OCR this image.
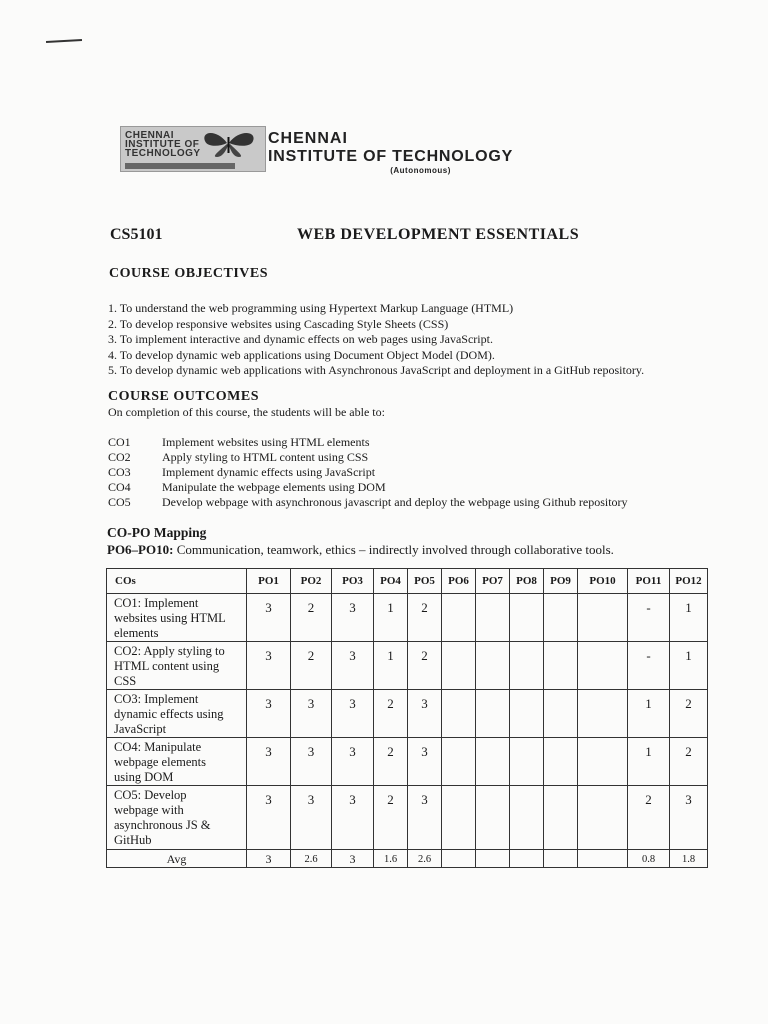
CHENNAI
INSTITUTE OF
TECHNOLOGY
CHENNAI
INSTITUTE OF TECHNOLOGY
(Autonomous)
CS5101	WEB DEVELOPMENT ESSENTIALS
COURSE OBJECTIVES
1. To understand the web programming using Hypertext Markup Language (HTML)
2. To develop responsive websites using Cascading Style Sheets (CSS)
3. To implement interactive and dynamic effects on web pages using JavaScript.
4. To develop dynamic web applications using Document Object Model (DOM).
5. To develop dynamic web applications with Asynchronous JavaScript and deployment in a GitHub repository.
COURSE OUTCOMES
On completion of this course, the students will be able to:
CO1	Implement websites using HTML elements
CO2	Apply styling to HTML content using CSS
CO3	Implement dynamic effects using JavaScript
CO4	Manipulate the webpage elements using DOM
CO5	Develop webpage with asynchronous javascript and deploy the webpage using Github repository
CO-PO Mapping
PO6–PO10: Communication, teamwork, ethics – indirectly involved through collaborative tools.
COs	PO1	PO2	PO3	PO4	PO5	PO6	PO7	PO8	PO9	PO10	PO11	PO12

CO1: Implement
websites using HTML
elements	3	2	3	1	2						-	1

CO2: Apply styling to
HTML content using
CSS	3	2	3	1	2						-	1

CO3: Implement
dynamic effects using
JavaScript	3	3	3	2	3						1	2

CO4: Manipulate
webpage elements
using DOM	3	3	3	2	3						1	2

CO5: Develop
webpage with
asynchronous JS &
GitHub	3	3	3	2	3						2	3
Avg	3	2.6	3	1.6	2.6						0.8	1.8
